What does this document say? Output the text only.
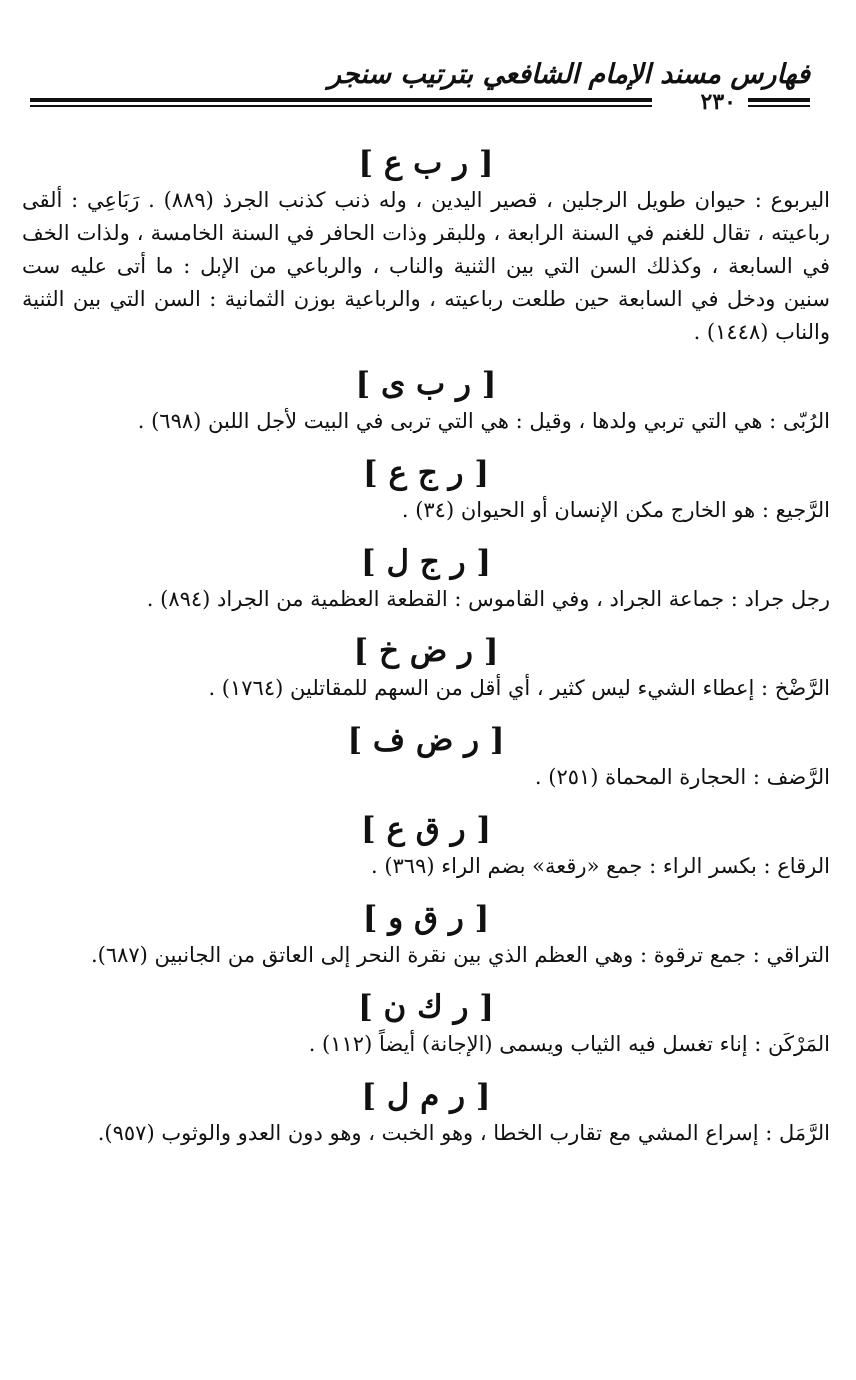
فهارس مسند الإمام الشافعي بترتيب سنجر
٢٣٠
[ ر ب ع ]

اليربوع : حيوان طويل الرجلين ، قصير اليدين ، وله ذنب كذنب الجرذ (٨٨٩) . رَبَاعِي : ألقى رباعيته ، تقال للغنم في السنة الرابعة ، وللبقر وذات الحافر في السنة الخامسة ، ولذات الخف في السابعة ، وكذلك السن التي بين الثنية والناب ، والرباعي من الإبل : ما أتى عليه ست سنين ودخل في السابعة حين طلعت رباعيته ، والرباعية بوزن الثمانية : السن التي بين الثنية والناب (١٤٤٨) .

[ ر ب ى ]

الرُبّى : هي التي تربي ولدها ، وقيل : هي التي تربى في البيت لأجل اللبن (٦٩٨) .

[ ر ج ع ]

الرَّجيع : هو الخارج مكن الإنسان أو الحيوان (٣٤) .

[ ر ج ل ]

رجل جراد : جماعة الجراد ، وفي القاموس : القطعة العظمية من الجراد (٨٩٤) .

[ ر ض خ ]

الرَّضْخ : إعطاء الشيء ليس كثير ، أي أقل من السهم للمقاتلين (١٧٦٤) .

[ ر ض ف ]

الرَّضف : الحجارة المحماة (٢٥١) .

[ ر ق ع ]

الرقاع : بكسر الراء : جمع «رقعة» بضم الراء (٣٦٩) .

[ ر ق و ]

التراقي : جمع ترقوة : وهي العظم الذي بين نقرة النحر إلى العاتق من الجانبين (٦٨٧).

[ ر ك ن ]

المَرْكَن : إناء تغسل فيه الثياب ويسمى (الإجانة) أيضاً (١١٢) .

[ ر م ل ]

الرَّمَل : إسراع المشي مع تقارب الخطا ، وهو الخبت ، وهو دون العدو والوثوب (٩٥٧).
